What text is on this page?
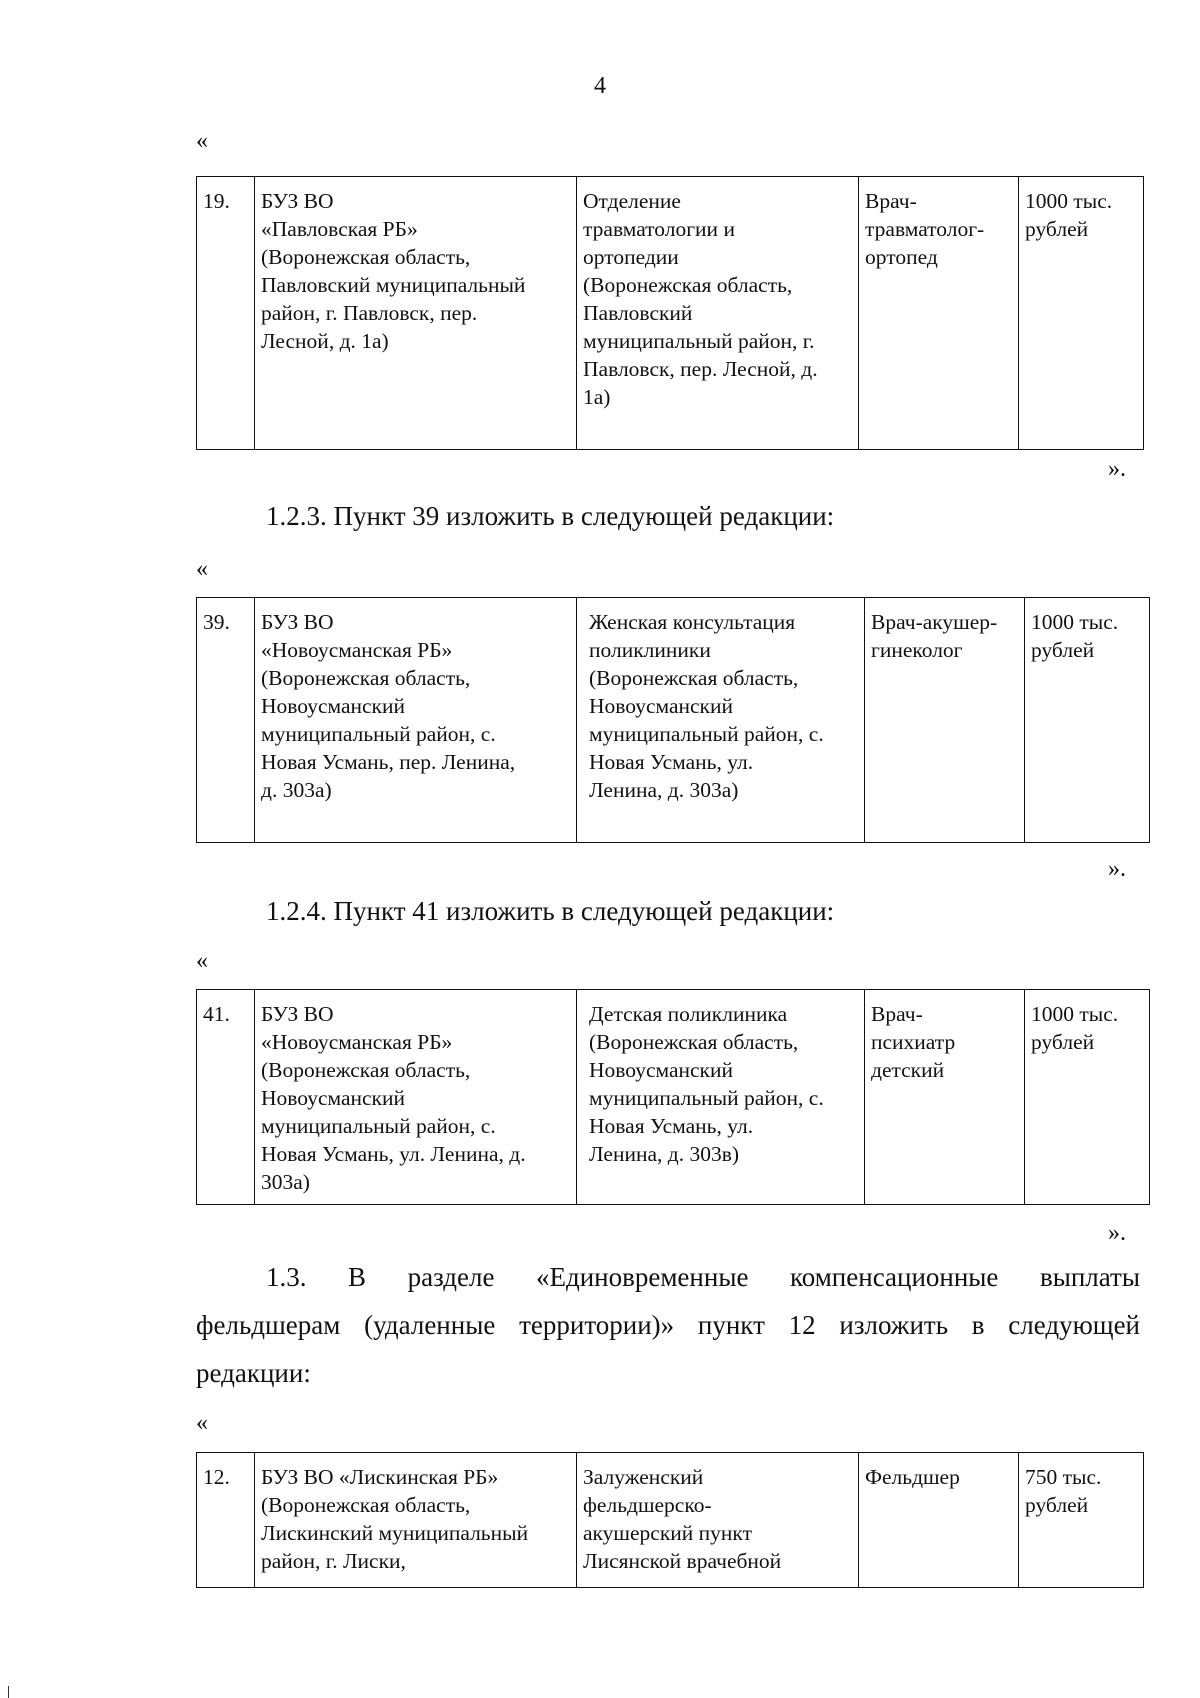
4
«
19.	БУЗ ВО
«Павловская РБ»
(Воронежская область,
Павловский муниципальный
район, г. Павловск, пер.
Лесной, д. 1а)	Отделение
травматологии и
ортопедии
(Воронежская область,
Павловский
муниципальный район, г.
Павловск, пер. Лесной, д.
1а)	Врач-
травматолог-
ортопед	1000 тыс.
рублей
».
1.2.3. Пункт 39 изложить в следующей редакции:
«
39.	БУЗ ВО
«Новоусманская РБ»
(Воронежская область,
Новоусманский
муниципальный район, с.
Новая Усмань, пер. Ленина,
д. 303а)	Женская консультация
поликлиники
(Воронежская область,
Новоусманский
муниципальный район, с.
Новая Усмань, ул.
Ленина, д. 303а)	Врач-акушер-
гинеколог	1000 тыс.
рублей
».
1.2.4. Пункт 41 изложить в следующей редакции:
«
41.	БУЗ ВО
«Новоусманская РБ»
(Воронежская область,
Новоусманский
муниципальный район, с.
Новая Усмань, ул. Ленина, д.
303а)	Детская поликлиника
(Воронежская область,
Новоусманский
муниципальный район, с.
Новая Усмань, ул.
Ленина, д. 303в)	Врач-
психиатр
детский	1000 тыс.
рублей
».
1.3. В разделе «Единовременные компенсационные выплаты
фельдшерам (удаленные территории)» пункт 12 изложить в следующей
редакции:
«
12.	БУЗ ВО «Лискинская РБ»
(Воронежская область,
Лискинский муниципальный
район, г. Лиски,	Залуженский
фельдшерско-
акушерский пункт
Лисянской врачебной	Фельдшер	750 тыс.
рублей
